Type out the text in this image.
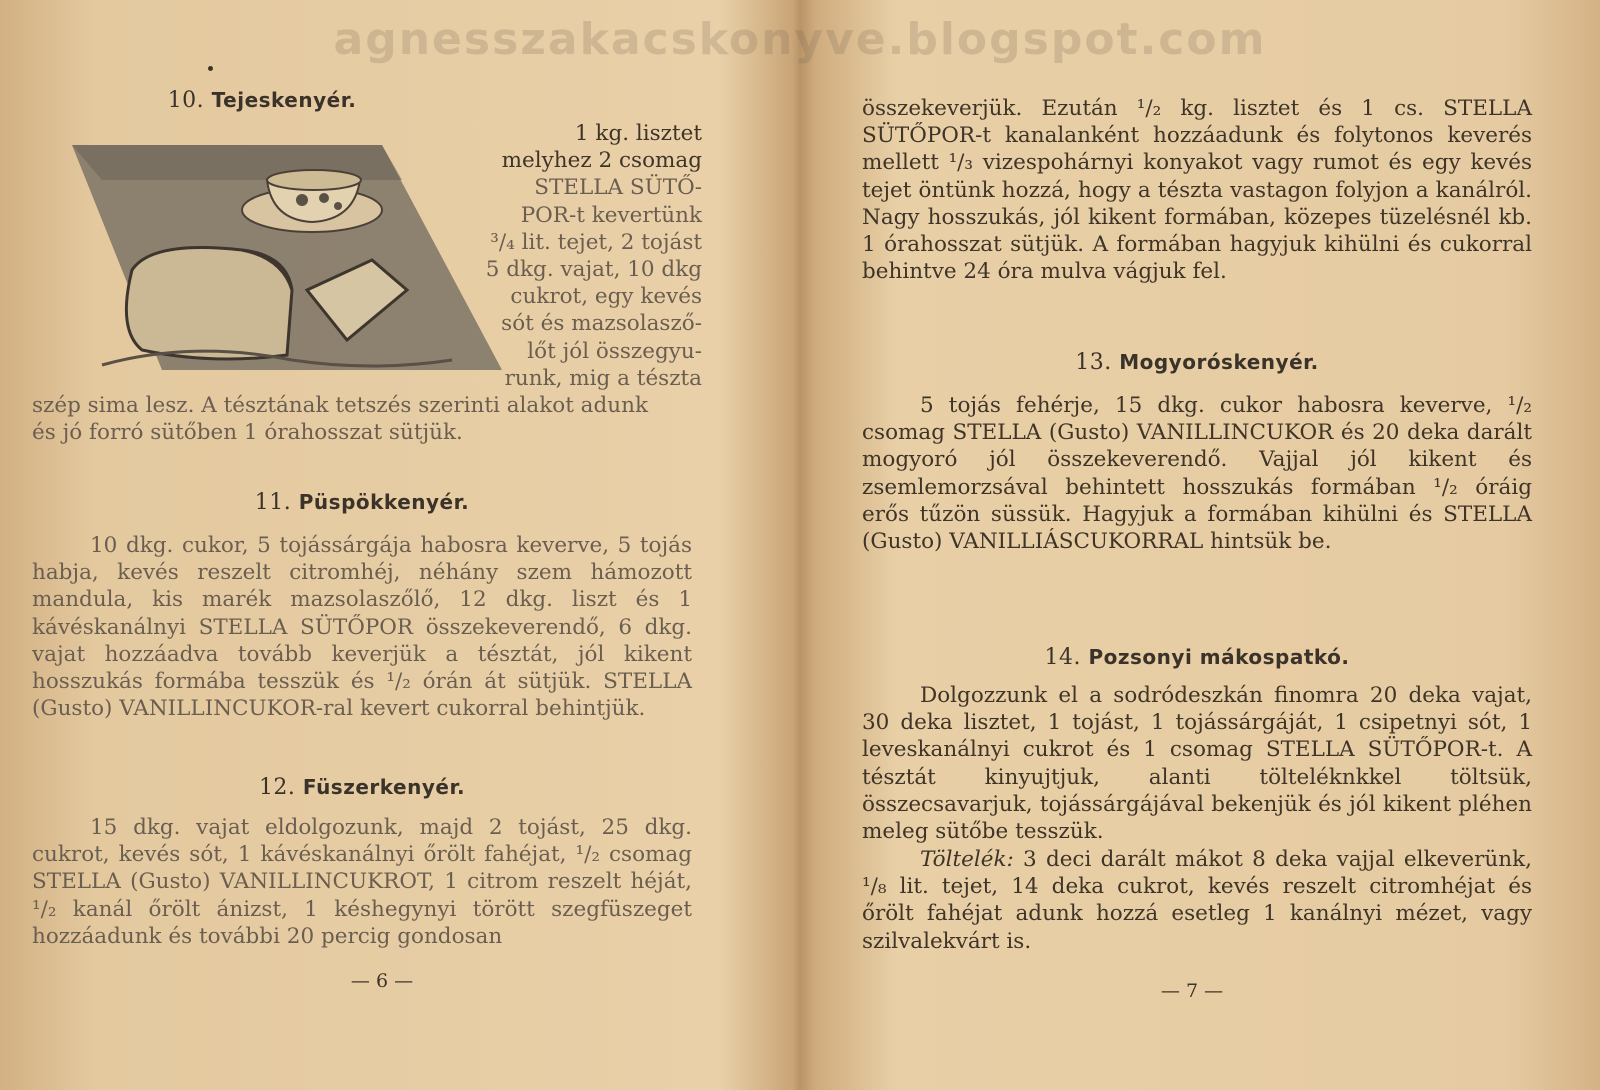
agnesszakacskonyve.blogspot.com
10. Tejeskenyér.

1 kg. lisztet

melyhez 2 csomag

STELLA SÜTŐ-

POR-t kevertünk

³/₄ lit. tejet, 2 tojást

5 dkg. vajat, 10 dkg

cukrot, egy kevés

sót és mazsolasző-

lőt jól összegyu-

runk, mig a tészta

szép sima lesz. A tésztának tetszés szerinti alakot adunk

és jó forró sütőben 1 órahosszat sütjük.

11. Püspökkenyér.

10 dkg. cukor, 5 tojássárgája habosra keverve, 5 tojás habja, kevés reszelt citromhéj, néhány szem hámozott mandula, kis marék mazsolaszőlő, 12 dkg. liszt és 1 kávéskanálnyi STELLA SÜTŐPOR összekeverendő, 6 dkg. vajat hozzáadva tovább keverjük a tésztát, jól kikent hosszukás formába tesszük és ¹/₂ órán át sütjük. STELLA (Gusto) VANILLINCUKOR-ral kevert cukorral behintjük.

12. Füszerkenyér.

15 dkg. vajat eldolgozunk, majd 2 tojást, 25 dkg. cukrot, kevés sót, 1 kávéskanálnyi őrölt fahéjat, ¹/₂ csomag STELLA (Gusto) VANILLINCUKROT, 1 citrom reszelt héját, ¹/₂ kanál őrölt ánizst, 1 késhegynyi törött szegfüszeget hozzáadunk és további 20 percig gondosan

— 6 —

összekeverjük. Ezután ¹/₂ kg. lisztet és 1 cs. STELLA SÜTŐPOR-t kanalanként hozzáadunk és folytonos keverés mellett ¹/₃ vizespohárnyi konyakot vagy rumot és egy kevés tejet öntünk hozzá, hogy a tészta vastagon folyjon a kanálról. Nagy hosszukás, jól kikent formában, közepes tüzelésnél kb. 1 órahosszat sütjük. A formában hagyjuk kihülni és cukorral behintve 24 óra mulva vágjuk fel.

13. Mogyoróskenyér.

5 tojás fehérje, 15 dkg. cukor habosra keverve, ¹/₂ csomag STELLA (Gusto) VANILLINCUKOR és 20 deka darált mogyoró jól összekeverendő. Vajjal jól kikent és zsemlemorzsával behintett hosszukás formában ¹/₂ óráig erős tűzön süssük. Hagyjuk a formában kihülni és STELLA (Gusto) VANILLIÁSCUKORRAL hintsük be.

14. Pozsonyi mákospatkó.

Dolgozzunk el a sodródeszkán finomra 20 deka vajat, 30 deka lisztet, 1 tojást, 1 tojássárgáját, 1 csipetnyi sót, 1 leveskanálnyi cukrot és 1 csomag STELLA SÜTŐPOR-t. A tésztát kinyujtjuk, alanti tölteléknkkel töltsük, összecsavarjuk, tojássárgájával bekenjük és jól kikent pléhen meleg sütőbe tesszük.

Töltelék: 3 deci darált mákot 8 deka vajjal elkeverünk, ¹/₈ lit. tejet, 14 deka cukrot, kevés reszelt citromhéjat és őrölt fahéjat adunk hozzá esetleg 1 kanálnyi mézet, vagy szilvalekvárt is.

— 7 —
